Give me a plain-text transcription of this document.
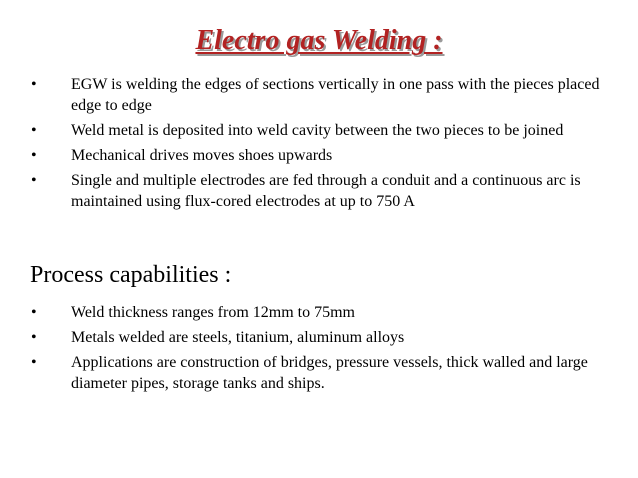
Electro gas Welding :
• EGW is welding the edges of sections vertically in one pass with the pieces placed edge to edge
• Weld metal is deposited into weld cavity between the two pieces to be joined
• Mechanical drives moves shoes upwards
• Single and multiple electrodes are fed through a conduit and a continuous arc is maintained using flux-cored electrodes at up to 750 A
Process capabilities :
• Weld thickness ranges from 12mm to 75mm
• Metals welded are steels, titanium, aluminum alloys
• Applications are construction of bridges, pressure vessels, thick walled and large diameter pipes, storage tanks and ships.
